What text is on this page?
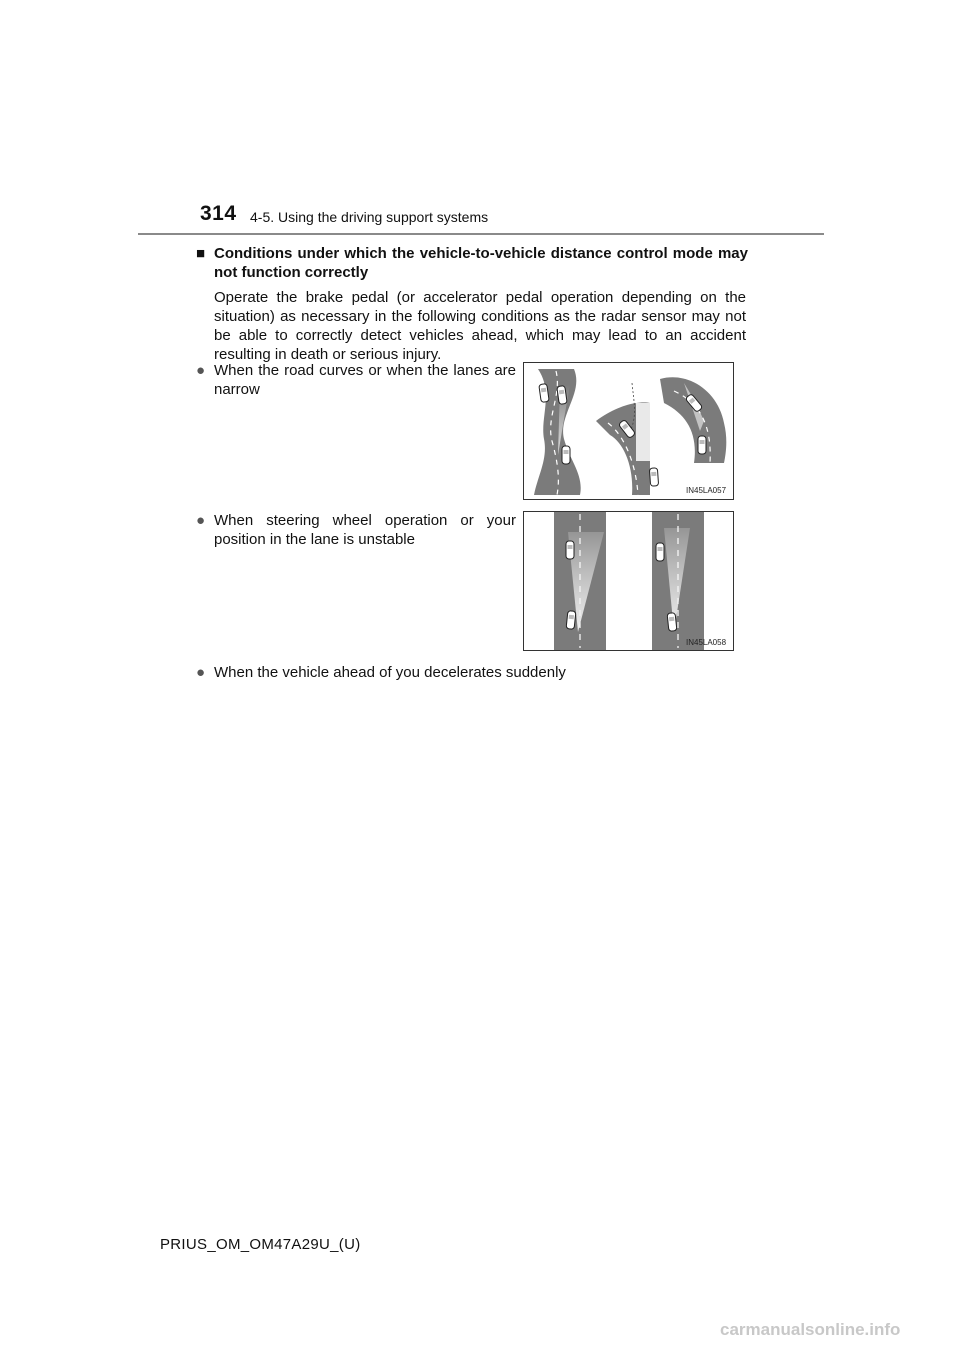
314 4-5. Using the driving support systems
■ Conditions under which the vehicle-to-vehicle distance control mode may not function correctly
Operate the brake pedal (or accelerator pedal operation depending on the situation) as necessary in the following conditions as the radar sensor may not be able to correctly detect vehicles ahead, which may lead to an accident resulting in death or serious injury.
● When the road curves or when the lanes are narrow
● When steering wheel operation or your position in the lane is unstable
● When the vehicle ahead of you decelerates suddenly
IN45LA057
IN45LA058
PRIUS_OM_OM47A29U_(U)
carmanualsonline.info
